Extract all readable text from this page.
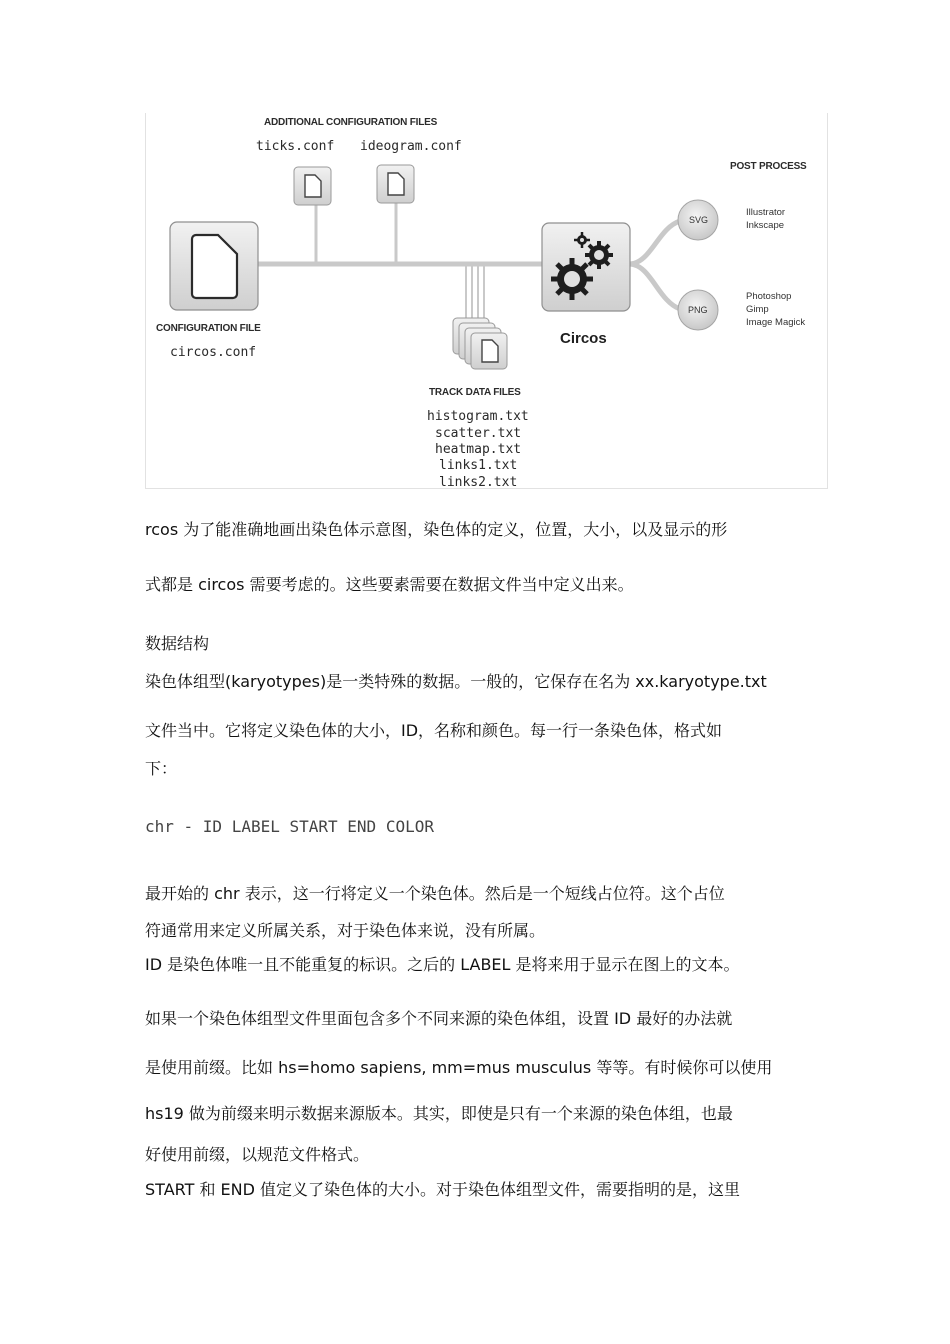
ADDITIONAL CONFIGURATION FILES
ticks.conf ideogram.conf
CONFIGURATION FILE
circos.conf
TRACK DATA FILES
histogram.txt
scatter.txt
heatmap.txt
links1.txt
links2.txt
Circos
POST PROCESS
SVG
Illustrator
Inkscape
PNG
Photoshop
Gimp
Image Magick

rcos 为了能准确地画出染色体示意图，染色体的定义，位置，大小，以及显示的形

式都是 circos 需要考虑的。这些要素需要在数据文件当中定义出来。

数据结构

染色体组型(karyotypes)是一类特殊的数据。一般的，它保存在名为 xx.karyotype.txt

文件当中。它将定义染色体的大小，ID，名称和颜色。每一行一条染色体，格式如

下：

chr - ID LABEL START END COLOR

最开始的 chr 表示，这一行将定义一个染色体。然后是一个短线占位符。这个占位

符通常用来定义所属关系，对于染色体来说，没有所属。

ID 是染色体唯一且不能重复的标识。之后的 LABEL 是将来用于显示在图上的文本。

如果一个染色体组型文件里面包含多个不同来源的染色体组，设置 ID 最好的办法就

是使用前缀。比如 hs=homo sapiens, mm=mus musculus 等等。有时候你可以使用

hs19 做为前缀来明示数据来源版本。其实，即使是只有一个来源的染色体组，也最

好使用前缀，以规范文件格式。

START 和 END 值定义了染色体的大小。对于染色体组型文件，需要指明的是，这里
